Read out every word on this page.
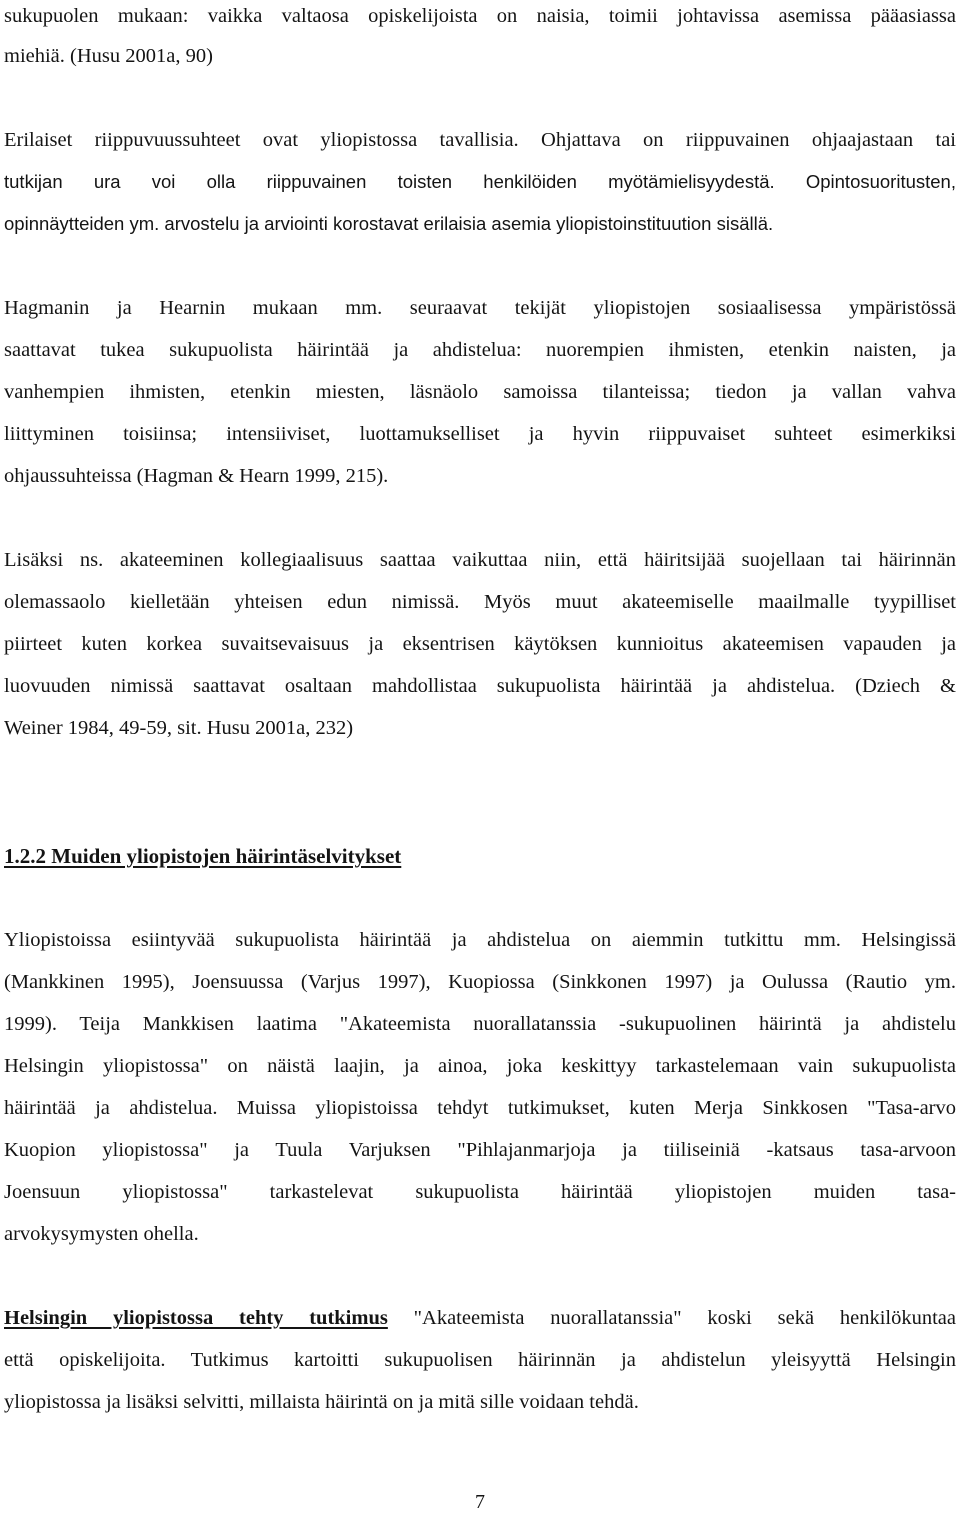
sukupuolen mukaan: vaikka valtaosa opiskelijoista on naisia, toimii johtavissa asemissa pääasiassa
miehiä. (Husu 2001a, 90)
Erilaiset riippuvuussuhteet ovat yliopistossa tavallisia. Ohjattava on riippuvainen ohjaajastaan tai
tutkijan ura voi olla riippuvainen toisten henkilöiden myötämielisyydestä. Opintosuoritusten,
opinnäytteiden ym. arvostelu ja arviointi korostavat erilaisia asemia yliopistoinstituution sisällä.
Hagmanin ja Hearnin mukaan mm. seuraavat tekijät yliopistojen sosiaalisessa ympäristössä
saattavat tukea sukupuolista häirintää ja ahdistelua: nuorempien ihmisten, etenkin naisten, ja
vanhempien ihmisten, etenkin miesten, läsnäolo samoissa tilanteissa; tiedon ja vallan vahva
liittyminen toisiinsa; intensiiviset, luottamukselliset ja hyvin riippuvaiset suhteet esimerkiksi
ohjaussuhteissa (Hagman & Hearn 1999, 215).
Lisäksi ns. akateeminen kollegiaalisuus saattaa vaikuttaa niin, että häiritsijää suojellaan tai häirinnän
olemassaolo kielletään yhteisen edun nimissä. Myös muut akateemiselle maailmalle tyypilliset
piirteet kuten korkea suvaitsevaisuus ja eksentrisen käytöksen kunnioitus akateemisen vapauden ja
luovuuden nimissä saattavat osaltaan mahdollistaa sukupuolista häirintää ja ahdistelua. (Dziech &
Weiner 1984, 49-59, sit. Husu 2001a, 232)
1.2.2 Muiden yliopistojen häirintäselvitykset
Yliopistoissa esiintyvää sukupuolista häirintää ja ahdistelua on aiemmin tutkittu mm. Helsingissä
(Mankkinen 1995), Joensuussa (Varjus 1997), Kuopiossa (Sinkkonen 1997) ja Oulussa (Rautio ym.
1999). Teija Mankkisen laatima "Akateemista nuorallatanssia -sukupuolinen häirintä ja ahdistelu
Helsingin yliopistossa" on näistä laajin, ja ainoa, joka keskittyy tarkastelemaan vain sukupuolista
häirintää ja ahdistelua. Muissa yliopistoissa tehdyt tutkimukset, kuten Merja Sinkkosen "Tasa-arvo
Kuopion yliopistossa" ja Tuula Varjuksen "Pihlajanmarjoja ja tiiliseiniä -katsaus tasa-arvoon
Joensuun yliopistossa" tarkastelevat sukupuolista häirintää yliopistojen muiden tasa-
arvokysymysten ohella.
Helsingin yliopistossa tehty tutkimus "Akateemista nuorallatanssia" koski sekä henkilökuntaa
että opiskelijoita. Tutkimus kartoitti sukupuolisen häirinnän ja ahdistelun yleisyyttä Helsingin
yliopistossa ja lisäksi selvitti, millaista häirintä on ja mitä sille voidaan tehdä.
7
